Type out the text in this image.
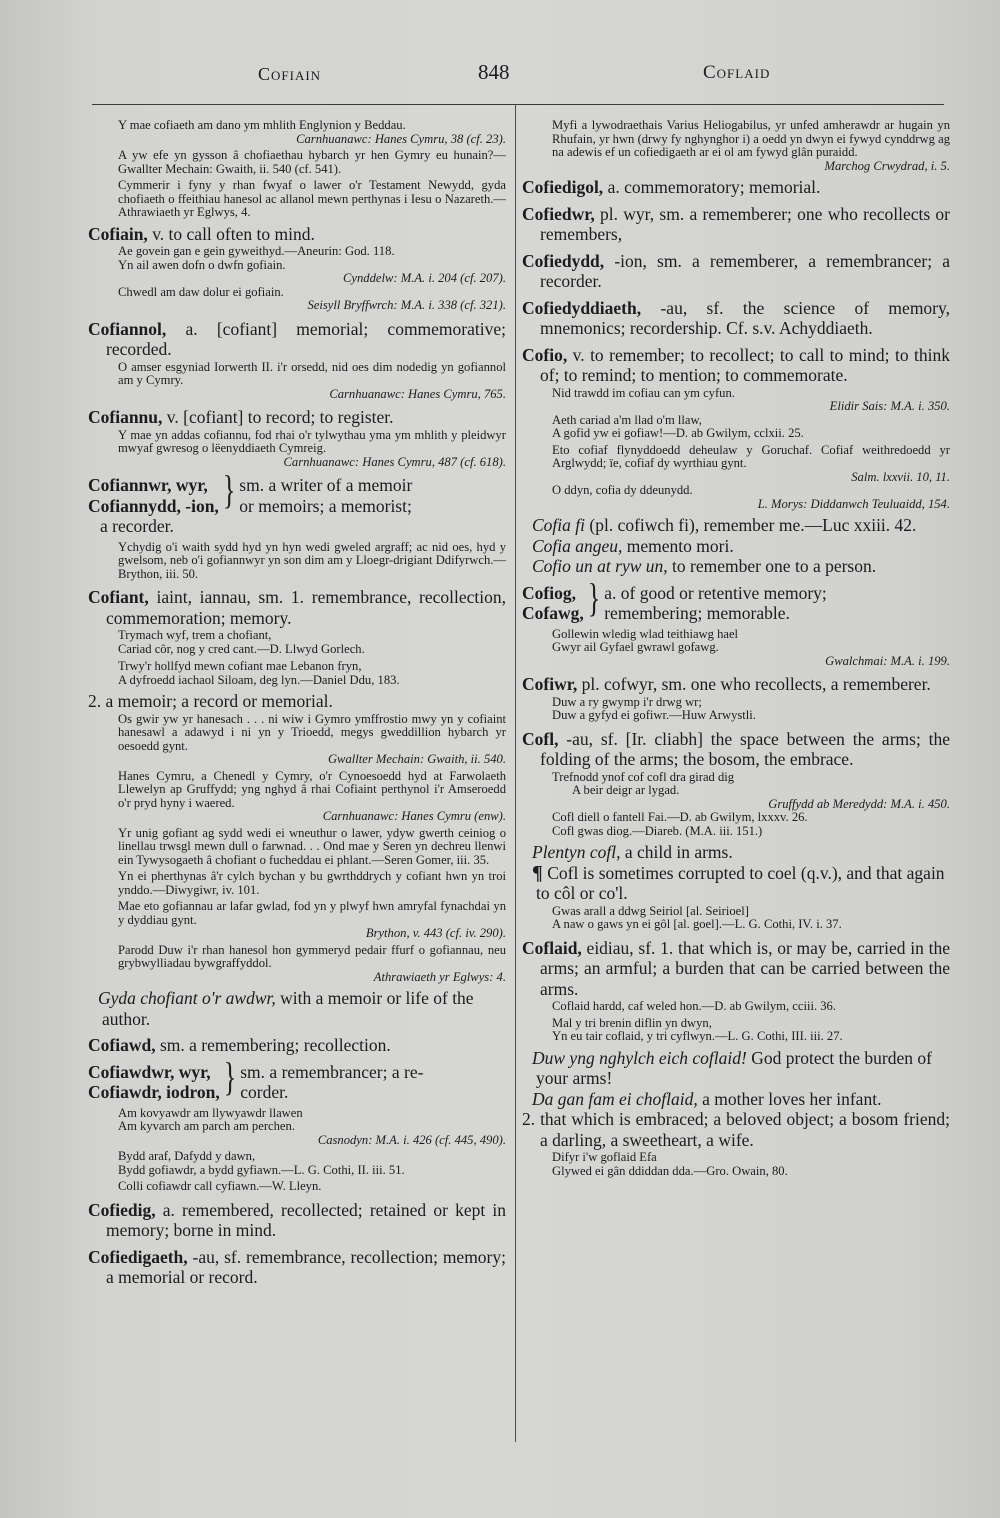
Cofiain	848	Coflaid
Y mae cofiaeth am dano ym mhlith Englynion y Beddau.
Carnhuanawc: Hanes Cymru, 38 (cf. 23).
A yw efe yn gysson â chofiaethau hybarch yr hen Gymry eu hunain?—Gwallter Mechain: Gwaith, ii. 540 (cf. 541).
Cymmerir i fyny y rhan fwyaf o lawer o'r Testament Newydd, gyda chofiaeth o ffeithiau hanesol ac allanol mewn perthynas i Iesu o Nazareth.—Athrawiaeth yr Eglwys, 4.

Cofiain, v. to call often to mind.

Ae govein gan e gein gyweithyd.—Aneurin: God. 118.
Yn ail awen dofn o dwfn gofiain.
Cynddelw: M.A. i. 204 (cf. 207).
Chwedl am daw dolur ei gofiain.
Seisyll Bryffwrch: M.A. i. 338 (cf. 321).

Cofiannol, a. [cofiant] memorial; commemorative; recorded.

O amser esgyniad Iorwerth II. i'r orsedd, nid oes dim nodedig yn gofiannol am y Cymry.
Carnhuanawc: Hanes Cymru, 765.

Cofiannu, v. [cofiant] to record; to register.

Y mae yn addas cofiannu, fod rhai o'r tylwythau yma ym mhlith y pleidwyr mwyaf gwresog o lëenyddiaeth Cymreig.
Carnhuanawc: Hanes Cymru, 487 (cf. 618).
Cofiannwr, wyr,
Cofiannydd, -ion, } sm. a writer of a memoir
or memoirs; a memorist;
a recorder.
Ychydig o'i waith sydd hyd yn hyn wedi gweled argraff; ac nid oes, hyd y gwelsom, neb o'i gofiannwyr yn son dim am y Lloegr-drigiant Ddifyrwch.—Brython, iii. 50.

Cofiant, iaint, iannau, sm. 1. remembrance, recollection, commemoration; memory.

Trymach wyf, trem a chofiant,
Cariad côr, nog y cred cant.—D. Llwyd Gorlech.
Trwy'r hollfyd mewn cofiant mae Lebanon fryn,
A dyfroedd iachaol Siloam, deg lyn.—Daniel Ddu, 183.

2. a memoir; a record or memorial.

Os gwir yw yr hanesach . . . ni wiw i Gymro ymffrostio mwy yn y cofiaint hanesawl a adawyd i ni yn y Trioedd, megys gweddillion hybarch yr oesoedd gynt.
Gwallter Mechain: Gwaith, ii. 540.
Hanes Cymru, a Chenedl y Cymry, o'r Cynoesoedd hyd at Farwolaeth Llewelyn ap Gruffydd; yng nghyd â rhai Cofiaint perthynol i'r Amseroedd o'r pryd hyny i waered.
Carnhuanawc: Hanes Cymru (enw).
Yr unig gofiant ag sydd wedi ei wneuthur o lawer, ydyw gwerth ceiniog o linellau trwsgl mewn dull o farwnad. . . Ond mae y Seren yn dechreu llenwi ein Tywysogaeth â chofiant o fucheddau ei phlant.—Seren Gomer, iii. 35.
Yn ei pherthynas â'r cylch bychan y bu gwrthddrych y cofiant hwn yn troi ynddo.—Diwygiwr, iv. 101.
Mae eto gofiannau ar lafar gwlad, fod yn y plwyf hwn amryfal fynachdai yn y dyddiau gynt.
Brython, v. 443 (cf. iv. 290).
Parodd Duw i'r rhan hanesol hon gymmeryd pedair ffurf o gofiannau, neu grybwylliadau bywgraffyddol.
Athrawiaeth yr Eglwys: 4.

Gyda chofiant o'r awdwr, with a memoir or life of the author.

Cofiawd, sm. a remembering; recollection.

Cofiawdwr, wyr,
Cofiawdr, iodron, } sm. a remembrancer; a re-
corder.
Am kovyawdr am llywyawdr llawen
Am kyvarch am parch am perchen.
Casnodyn: M.A. i. 426 (cf. 445, 490).
Bydd araf, Dafydd y dawn,
Bydd gofiawdr, a bydd gyfiawn.—L. G. Cothi, II. iii. 51.
Colli cofiawdr call cyfiawn.—W. Lleyn.

Cofiedig, a. remembered, recollected; retained or kept in memory; borne in mind.

Cofiedigaeth, -au, sf. remembrance, recollection; memory; a memorial or record.

Myfi a lywodraethais Varius Heliogabilus, yr unfed amherawdr ar hugain yn Rhufain, yr hwn (drwy fy nghynghor i) a oedd yn dwyn ei fywyd cynddrwg ag na adewis ef un cofiedigaeth ar ei ol am fywyd glân puraidd.
Marchog Crwydrad, i. 5.

Cofiedigol, a. commemoratory; memorial.

Cofiedwr, pl. wyr, sm. a rememberer; one who recollects or remembers,

Cofiedydd, -ion, sm. a rememberer, a remembrancer; a recorder.

Cofiedyddiaeth, -au, sf. the science of memory, mnemonics; recordership. Cf. s.v. Achyddiaeth.

Cofio, v. to remember; to recollect; to call to mind; to think of; to remind; to mention; to commemorate.

Nid trawdd im cofiau can ym cyfun.
Elidir Sais: M.A. i. 350.
Aeth cariad a'm llad o'm llaw,
A gofid yw ei gofiaw!—D. ab Gwilym, cclxii. 25.
Eto cofiaf flynyddoedd deheulaw y Goruchaf. Cofiaf weithredoedd yr Arglwydd; ïe, cofiaf dy wyrthiau gynt.
Salm. lxxvii. 10, 11.
O ddyn, cofia dy ddeunydd.
L. Morys: Diddanwch Teuluaidd, 154.

Cofia fi (pl. cofiwch fi), remember me.—Luc xxiii. 42.

Cofia angeu, memento mori.

Cofio un at ryw un, to remember one to a person.

Cofiog,
Cofawg, } a. of good or retentive memory;
remembering; memorable.
Gollewin wledig wlad teithiawg hael
Gwyr ail Gyfael gwrawl gofawg.
Gwalchmai: M.A. i. 199.

Cofiwr, pl. cofwyr, sm. one who recollects, a rememberer.

Duw a ry gwymp i'r drwg wr;
Duw a gyfyd ei gofiwr.—Huw Arwystli.

Cofl, -au, sf. [Ir. cliabh] the space between the arms; the folding of the arms; the bosom, the embrace.

Trefnodd ynof cof cofl dra girad dig
A beir deigr ar lygad.
Gruffydd ab Meredydd: M.A. i. 450.
Cofl diell o fantell Fai.—D. ab Gwilym, lxxxv. 26.
Cofl gwas diog.—Diareb. (M.A. iii. 151.)

Plentyn cofl, a child in arms.

¶ Cofl is sometimes corrupted to coel (q.v.), and that again to côl or co'l.

Gwas arall a ddwg Seiriol [al. Seirioel]
A naw o gaws yn ei gôl [al. goel].—L. G. Cothi, IV. i. 37.

Coflaid, eidiau, sf. 1. that which is, or may be, carried in the arms; an armful; a burden that can be carried between the arms.

Coflaid hardd, caf weled hon.—D. ab Gwilym, cciii. 36.
Mal y tri brenin diflin yn dwyn,
Yn eu tair coflaid, y tri cyflwyn.—L. G. Cothi, III. iii. 27.

Duw yng nghylch eich coflaid! God protect the burden of your arms!

Da gan fam ei choflaid, a mother loves her infant.

2. that which is embraced; a beloved object; a bosom friend; a darling, a sweetheart, a wife.

Difyr i'w goflaid Efa
Glywed ei gân ddiddan dda.—Gro. Owain, 80.
